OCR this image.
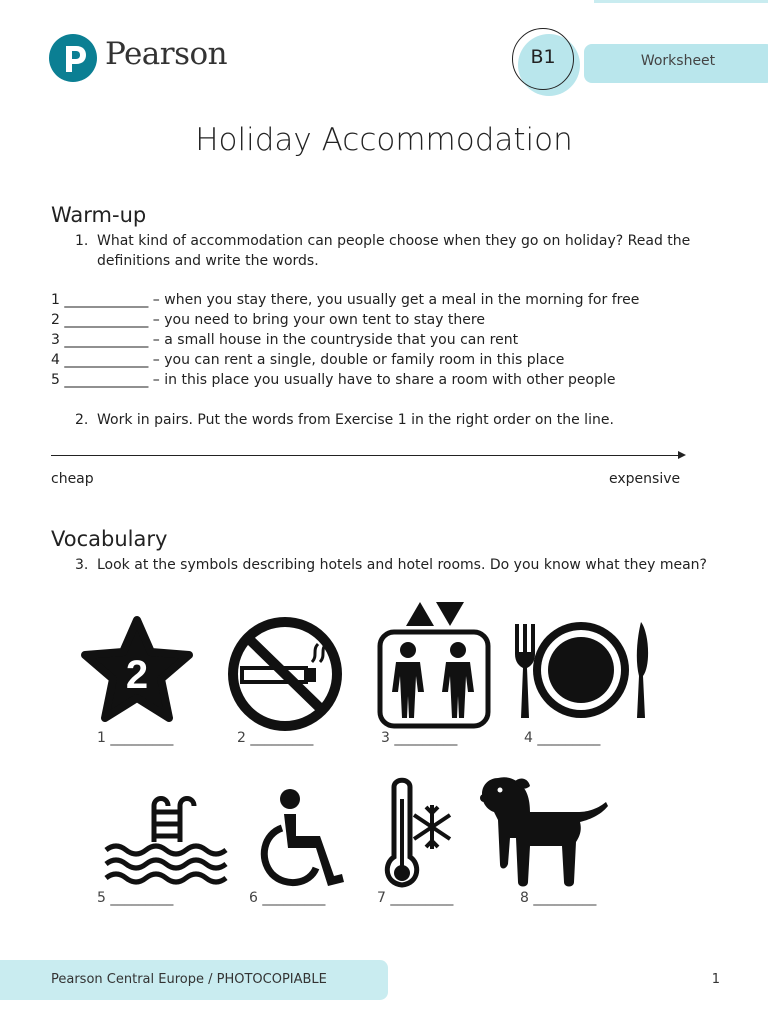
Pearson	B1	Worksheet
Holiday Accommodation
Warm-up
1. What kind of accommodation can people choose when they go on holiday? Read the
definitions and write the words.
1 ____________ – when you stay there, you usually get a meal in the morning for free
2 ____________ – you need to bring your own tent to stay there
3 ____________ – a small house in the countryside that you can rent
4 ____________ – you can rent a single, double or family room in this place
5 ____________ – in this place you usually have to share a room with other people
2. Work in pairs. Put the words from Exercise 1 in the right order on the line.
cheap	expensive
Vocabulary
3. Look at the symbols describing hotels and hotel rooms. Do you know what they mean?
2
1 _________	2 _________	3 _________	4 _________
5 _________	6 _________	7 _________	8 _________
Pearson Central Europe / PHOTOCOPIABLE	1
